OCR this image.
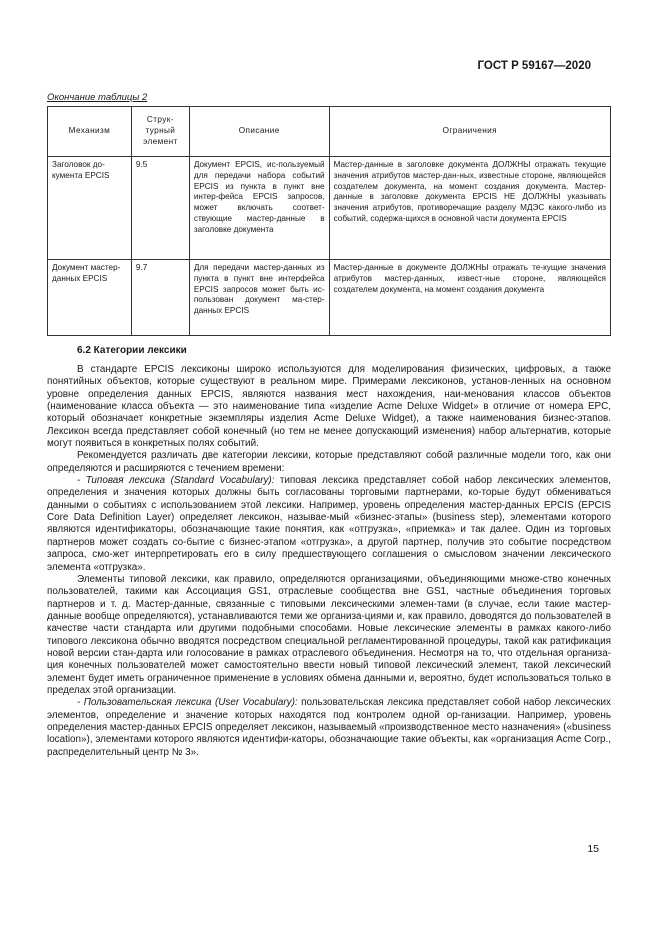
ГОСТ Р 59167—2020
Окончание таблицы 2
Механизм	Струк-турный элемент	Описание	Ограничения
Заголовок до-кумента EPCIS	9.5	Документ EPCIS, ис-пользуемый для передачи набора событий EPCIS из пункта в пункт вне интер-фейса EPCIS запросов, может включать соответ-ствующие мастер-данные в заголовке документа	Мастер-данные в заголовке документа ДОЛЖНЫ отражать текущие значения атрибутов мастер-дан-ных, известные стороне, являющейся создателем документа, на момент создания документа. Мастер-данные в заголовке документа EPCIS НЕ ДОЛЖНЫ указывать значения атрибутов, противоречащие разделу МДЭС какого-либо из событий, содержа-щихся в основной части документа EPCIS
Документ мастер-данных EPCIS	9.7	Для передачи мастер-данных из пункта в пункт вне интерфейса EPCIS запросов может быть ис-пользован документ ма-стер-данных EPCIS	Мастер-данные в документе ДОЛЖНЫ отражать те-кущие значения атрибутов мастер-данных, извест-ные стороне, являющейся создателем документа, на момент создания документа
6.2 Категории лексики

В стандарте EPCIS лексиконы широко используются для моделирования физических, цифровых, а также понятийных объектов, которые существуют в реальном мире. Примерами лексиконов, установ-ленных на основном уровне определения данных EPCIS, являются названия мест нахождения, наи-менования классов объектов (наименование класса объекта — это наименование типа «изделие Acme Deluxe Widget» в отличие от номера EPC, который обозначает конкретные экземпляры изделия Acme Deluxe Widget), а также наименования бизнес-этапов. Лексикон всегда представляет собой конечный (но тем не менее допускающий изменения) набор альтернатив, которые могут появиться в конкретных полях событий.

Рекомендуется различать две категории лексики, которые представляют собой различные модели того, как они определяются и расширяются с течением времени:

- Типовая лексика (Standard Vocabulary): типовая лексика представляет собой набор лексических элементов, определения и значения которых должны быть согласованы торговыми партнерами, ко-торые будут обмениваться данными о событиях с использованием этой лексики. Например, уровень определения мастер-данных EPCIS (EPCIS Core Data Definition Layer) определяет лексикон, называе-мый «бизнес-этапы» (business step), элементами которого являются идентификаторы, обозначающие такие понятия, как «отгрузка», «приемка» и так далее. Один из торговых партнеров может создать со-бытие с бизнес-этапом «отгрузка», а другой партнер, получив это событие посредством запроса, смо-жет интерпретировать его в силу предшествующего соглашения о смысловом значении лексического элемента «отгрузка».

Элементы типовой лексики, как правило, определяются организациями, объединяющими множе-ство конечных пользователей, такими как Ассоциация GS1, отраслевые сообщества вне GS1, частные объединения торговых партнеров и т. д. Мастер-данные, связанные с типовыми лексическими элемен-тами (в случае, если такие мастер-данные вообще определяются), устанавливаются теми же организа-циями и, как правило, доводятся до пользователей в качестве части стандарта или другими подобными способами. Новые лексические элементы в рамках какого-либо типового лексикона обычно вводятся посредством специальной регламентированной процедуры, такой как ратификация новой версии стан-дарта или голосование в рамках отраслевого объединения. Несмотря на то, что отдельная организа-ция конечных пользователей может самостоятельно ввести новый типовой лексический элемент, такой лексический элемент будет иметь ограниченное применение в условиях обмена данными и, вероятно, будет использоваться только в пределах этой организации.

- Пользовательская лексика (User Vocabulary): пользовательская лексика представляет собой набор лексических элементов, определение и значение которых находятся под контролем одной ор-ганизации. Например, уровень определения мастер-данных EPCIS определяет лексикон, называемый «производственное место назначения» («business location»), элементами которого являются идентифи-каторы, обозначающие такие объекты, как «организация Acme Corp., распределительный центр № 3».

15
